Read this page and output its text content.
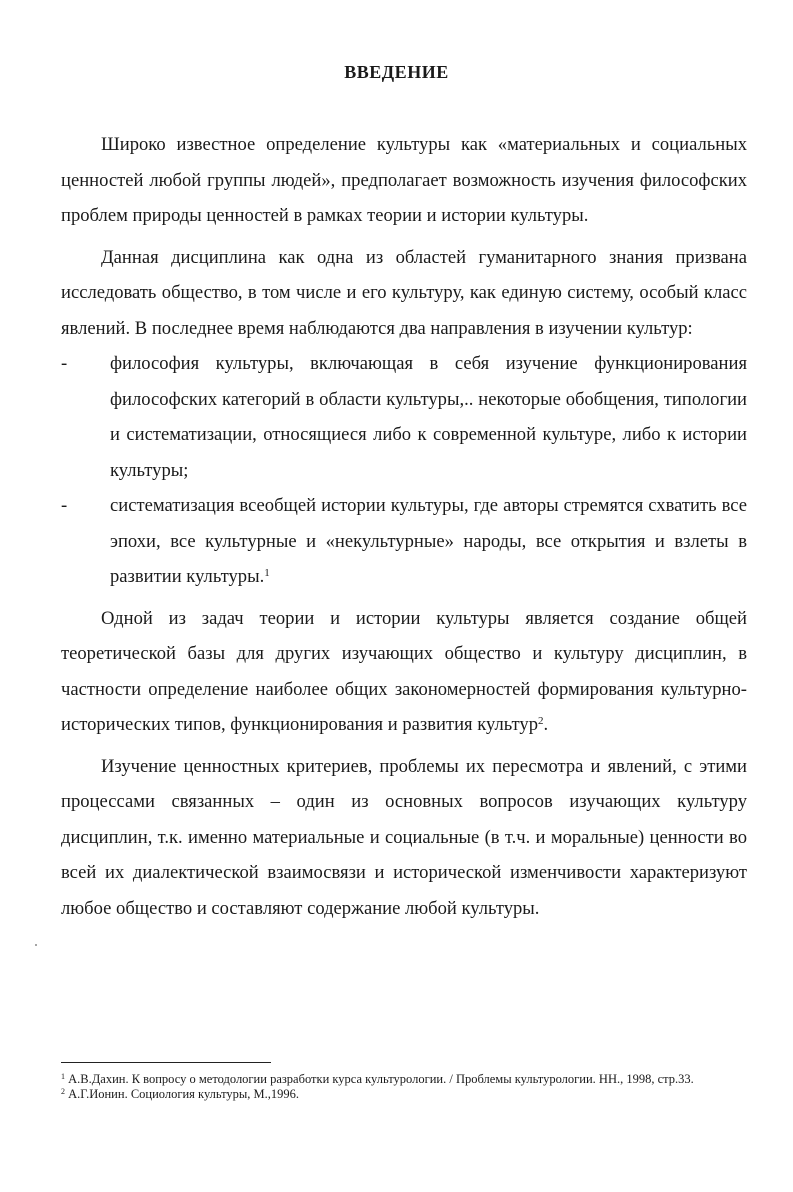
ВВЕДЕНИЕ

Широко известное определение культуры как «материальных и социальных ценностей любой группы людей», предполагает возможность изучения философских проблем природы ценностей в рамках теории и истории культуры.

Данная дисциплина как одна из областей гуманитарного знания призвана исследовать общество, в том числе и его культуру, как единую систему, особый класс явлений. В последнее время наблюдаются два направления в изучении культур:

-	философия культуры, включающая в себя изучение функционирования философских категорий в области культуры,.. некоторые обобщения, типологии и систематизации, относящиеся либо к современной культуре, либо к истории культуры;

-	систематизация всеобщей истории культуры, где авторы стремятся схватить все эпохи, все культурные и «некультурные» народы, все открытия и взлеты в развитии культуры.$^1$

Одной из задач теории и истории культуры является создание общей теоретической базы для других изучающих общество и культуру дисциплин, в частности определение наиболее общих закономерностей формирования культурно-исторических типов, функционирования и развития культур$^2$.

Изучение ценностных критериев, проблемы их пересмотра и явлений, с этими процессами связанных – один из основных вопросов изучающих культуру дисциплин, т.к. именно материальные и социальные (в т.ч. и моральные) ценности во всей их диалектической взаимосвязи и исторической изменчивости характеризуют любое общество и составляют содержание любой культуры.

$^1$ А.В.Дахин. К вопросу о методологии разработки курса культурологии. / Проблемы культурологии. НН., 1998, стр.33.
$^2$ А.Г.Ионин. Социология культуры, М.,1996.
